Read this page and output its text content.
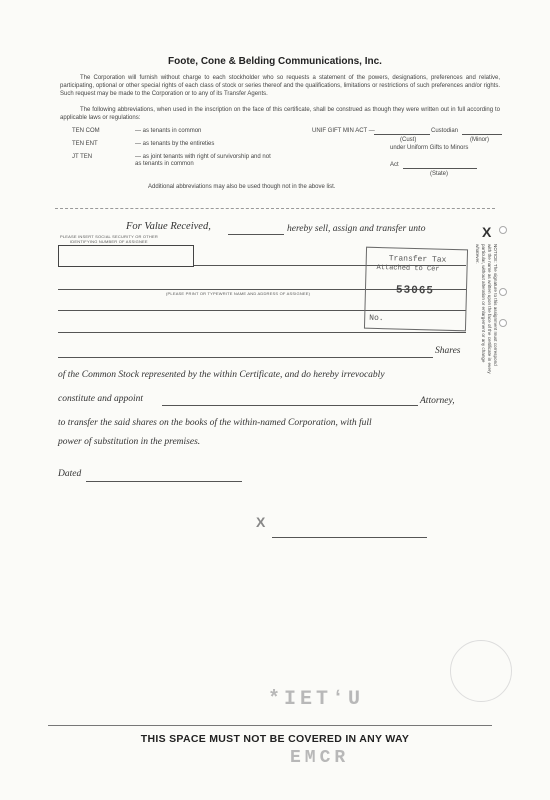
Foote, Cone & Belding Communications, Inc.
The Corporation will furnish without charge to each stockholder who so requests a statement of the powers, designations, preferences and relative, participating, optional or other special rights of each class of stock or series thereof and the qualifications, limitations or restrictions of such preferences and/or rights. Such request may be made to the Corporation or to any of its Transfer Agents.
The following abbreviations, when used in the inscription on the face of this certificate, shall be construed as though they were written out in full according to applicable laws or regulations:
TEN COM	— as tenants in common
TEN ENT	— as tenants by the entireties
JT TEN	— as joint tenants with right of survivorship and not as tenants in common
UNIF GIFT MIN ACT —	Custodian
(Cust)	(Minor)
under Uniform Gifts to Minors
Act
(State)
Additional abbreviations may also be used though not in the above list.
For Value Received,	hereby sell, assign and transfer unto
PLEASE INSERT SOCIAL SECURITY OR OTHER
IDENTIFYING NUMBER OF ASSIGNEE
(PLEASE PRINT OR TYPEWRITE NAME AND ADDRESS OF ASSIGNEE)
Shares
of the Common Stock represented by the within Certificate, and do hereby irrevocably
constitute and appoint	Attorney,
to transfer the said shares on the books of the within-named Corporation, with full
power of substitution in the premises.
Dated
X
Transfer Tax
Attached to Cer
53065
No.
X
NOTICE: The signature to this assignment must correspond with the name as written upon the face of the certificate in every particular, without alteration or enlargement or any change whatever.
*IETʻU
EMCR
THIS SPACE MUST NOT BE COVERED IN ANY WAY
